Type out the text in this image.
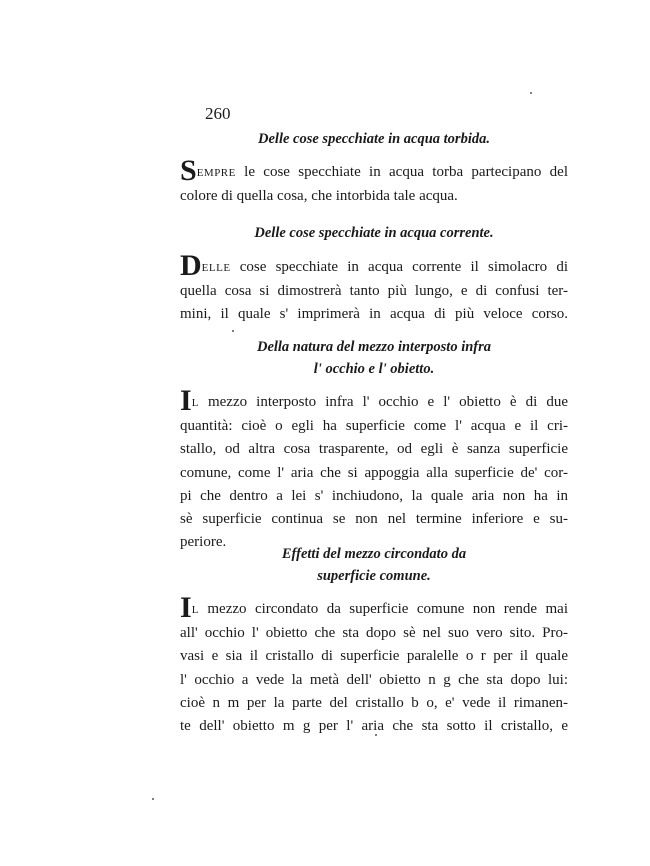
260
Delle cose specchiate in acqua torbida.
SEMPRE le cose specchiate in acqua torba partecipano del
colore di quella cosa, che intorbida tale acqua.
Delle cose specchiate in acqua corrente.
DELLE cose specchiate in acqua corrente il simolacro di
quella cosa si dimostrerà tanto più lungo, e di confusi ter-
mini, il quale s' imprimerà in acqua di più veloce corso.
Della natura del mezzo interposto infra
l' occhio e l' obietto.
IL mezzo interposto infra l' occhio e l' obietto è di due
quantità: cioè o egli ha superficie come l' acqua e il cri-
stallo, od altra cosa trasparente, od egli è sanza superficie
comune, come l' aria che si appoggia alla superficie de' cor-
pi che dentro a lei s' inchiudono, la quale aria non ha in
sè superficie continua se non nel termine inferiore e su-
periore.
Effetti del mezzo circondato da
superficie comune.
IL mezzo circondato da superficie comune non rende mai
all' occhio l' obietto che sta dopo sè nel suo vero sito. Pro-
vasi e sia il cristallo di superficie paralelle o r per il quale
l' occhio a vede la metà dell' obietto n g che sta dopo lui:
cioè n m per la parte del cristallo b o, e' vede il rimanen-
te dell' obietto m g per l' aria che sta sotto il cristallo, e
